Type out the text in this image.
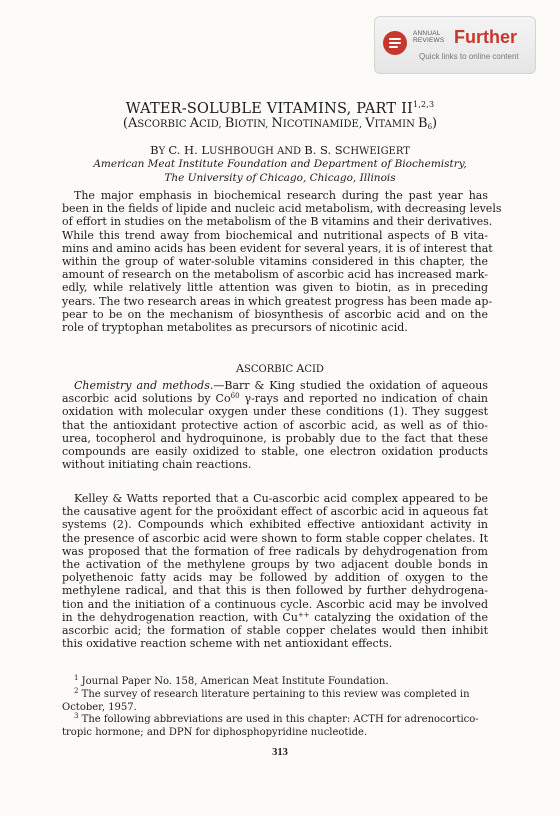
ANNUAL
REVIEWS Further
Quick links to online content
WATER-SOLUBLE VITAMINS, PART II$^{1,2,3}$
(ASCORBIC ACID, BIOTIN, NICOTINAMIDE, VITAMIN $B_6$)
BY C. H. LUSHBOUGH AND B. S. SCHWEIGERT
American Meat Institute Foundation and Department of Biochemistry,
The University of Chicago, Chicago, Illinois
The major emphasis in biochemical research during the past year has
been in the fields of lipide and nucleic acid metabolism, with decreasing levels
of effort in studies on the metabolism of the B vitamins and their derivatives.
While this trend away from biochemical and nutritional aspects of B vita-
mins and amino acids has been evident for several years, it is of interest that
within the group of water-soluble vitamins considered in this chapter, the
amount of research on the metabolism of ascorbic acid has increased mark-
edly, while relatively little attention was given to biotin, as in preceding
years. The two research areas in which greatest progress has been made ap-
pear to be on the mechanism of biosynthesis of ascorbic acid and on the
role of tryptophan metabolites as precursors of nicotinic acid.
ASCORBIC ACID
Chemistry and methods.—Barr & King studied the oxidation of aqueous
ascorbic acid solutions by Co$^{60}$ γ-rays and reported no indication of chain
oxidation with molecular oxygen under these conditions (1). They suggest
that the antioxidant protective action of ascorbic acid, as well as of thio-
urea, tocopherol and hydroquinone, is probably due to the fact that these
compounds are easily oxidized to stable, one electron oxidation products
without initiating chain reactions.
Kelley & Watts reported that a Cu-ascorbic acid complex appeared to be
the causative agent for the proöxidant effect of ascorbic acid in aqueous fat
systems (2). Compounds which exhibited effective antioxidant activity in
the presence of ascorbic acid were shown to form stable copper chelates. It
was proposed that the formation of free radicals by dehydrogenation from
the activation of the methylene groups by two adjacent double bonds in
polyethenoic fatty acids may be followed by addition of oxygen to the
methylene radical, and that this is then followed by further dehydrogena-
tion and the initiation of a continuous cycle. Ascorbic acid may be involved
in the dehydrogenation reaction, with Cu++ catalyzing the oxidation of the
ascorbic acid; the formation of stable copper chelates would then inhibit
this oxidative reaction scheme with net antioxidant effects.
$^1$ Journal Paper No. 158, American Meat Institute Foundation.
$^2$ The survey of research literature pertaining to this review was completed in
October, 1957.
$^3$ The following abbreviations are used in this chapter: ACTH for adrenocortico-
tropic hormone; and DPN for diphosphopyridine nucleotide.
313
